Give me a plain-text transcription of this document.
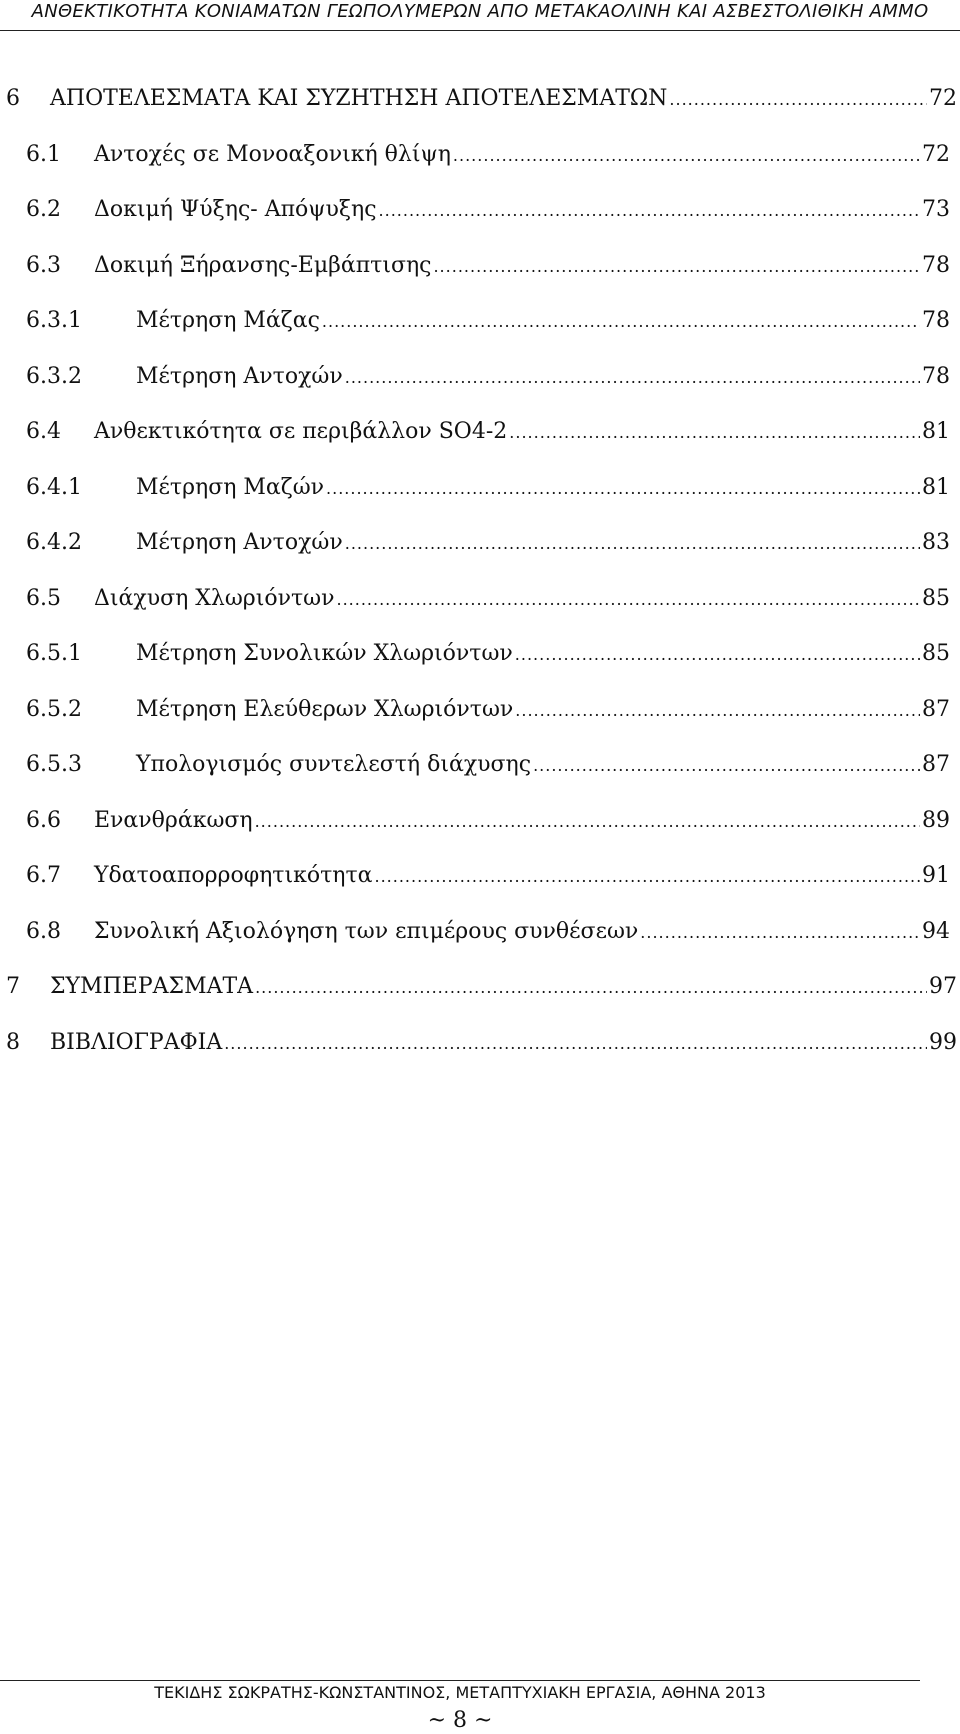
ΑΝΘΕΚΤΙΚΟΤΗΤΑ ΚΟΝΙΑΜΑΤΩΝ ΓΕΩΠΟΛΥΜΕΡΩΝ ΑΠΟ ΜΕΤΑΚΑΟΛΙΝΗ ΚΑΙ ΑΣΒΕΣΤΟΛΙΘΙΚΗ ΑΜΜΟ
6 ΑΠΟΤΕΛΕΣΜΑΤΑ ΚΑΙ ΣΥΖΗΤΗΣΗ ΑΠΟΤΕΛΕΣΜΑΤΩΝ .....	72
6.1 Αντοχές σε Μονοαξονική θλίψη .....	72
6.2 Δοκιμή Ψύξης- Απόψυξης .....	73
6.3 Δοκιμή Ξήρανσης-Εμβάπτισης .....	78
6.3.1 Μέτρηση Μάζας .....	78
6.3.2 Μέτρηση Αντοχών .....	78
6.4 Ανθεκτικότητα σε περιβάλλον SO4-2 .....	81
6.4.1 Μέτρηση Μαζών .....	81
6.4.2 Μέτρηση Αντοχών .....	83
6.5 Διάχυση Χλωριόντων .....	85
6.5.1 Μέτρηση Συνολικών Χλωριόντων .....	85
6.5.2 Μέτρηση Ελεύθερων Χλωριόντων .....	87
6.5.3 Υπολογισμός συντελεστή διάχυσης .....	87
6.6 Ενανθράκωση .....	89
6.7 Υδατοαπορροφητικότητα .....	91
6.8 Συνολική Αξιολόγηση των επιμέρους συνθέσεων .....	94
7 ΣΥΜΠΕΡΑΣΜΑΤΑ .....	97
8 ΒΙΒΛΙΟΓΡΑΦΙΑ .....	99
ΤΕΚΙΔΗΣ ΣΩΚΡΑΤΗΣ-ΚΩΝΣΤΑΝΤΙΝΟΣ, ΜΕΤΑΠΤΥΧΙΑΚΗ ΕΡΓΑΣΙΑ, ΑΘΗΝΑ 2013
~ 8 ~
